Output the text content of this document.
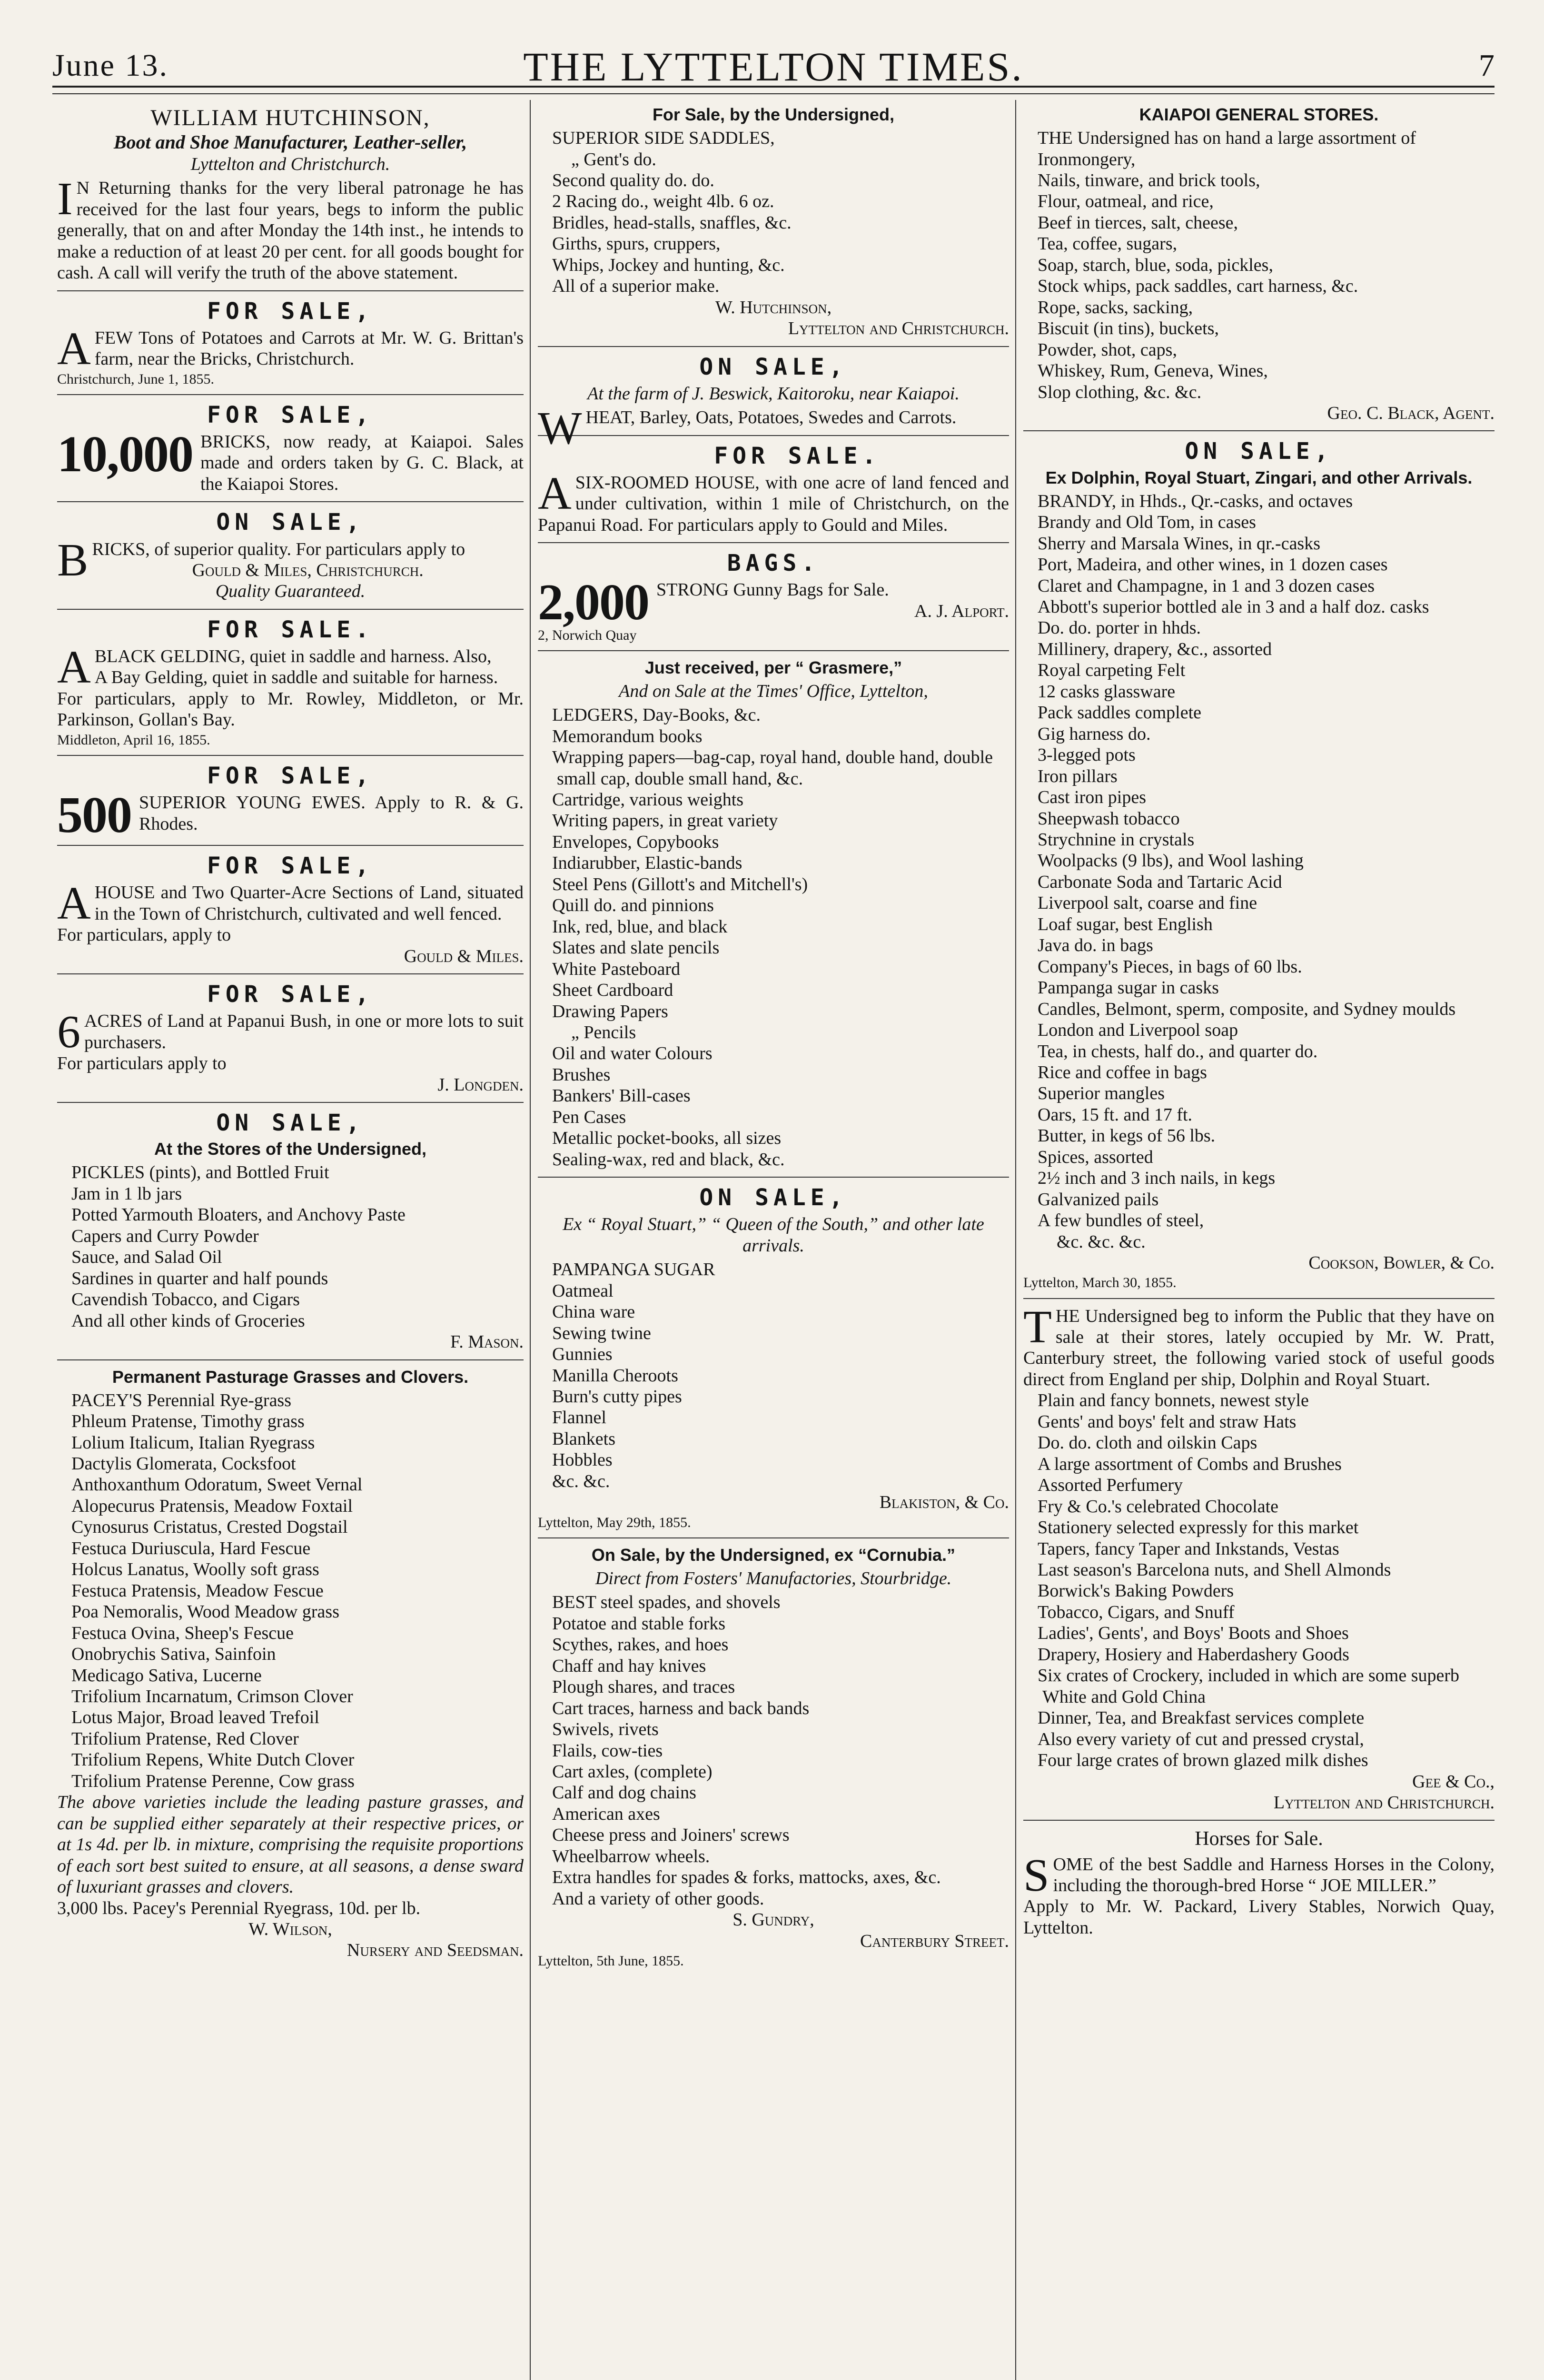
June 13.	THE LYTTELTON TIMES.	7
WILLIAM HUTCHINSON,
Boot and Shoe Manufacturer, Leather-seller,
Lyttelton and Christchurch.

IN Returning thanks for the very liberal patronage he has received for the last four years, begs to inform the public generally, that on and after Monday the 14th inst., he intends to make a reduction of at least 20 per cent. for all goods bought for cash. A call will verify the truth of the above statement.

FOR SALE,

AFEW Tons of Potatoes and Carrots at Mr. W. G. Brittan's farm, near the Bricks, Christchurch.

Christchurch, June 1, 1855.
FOR SALE,
10,000 BRICKS, now ready, at Kaiapoi. Sales made and orders taken by G. C. Black, at the Kaiapoi Stores.

ON SALE,

BRICKS, of superior quality. For particulars apply to

Gould & Miles, Christchurch.
Quality Guaranteed.
FOR SALE.

ABLACK GELDING, quiet in saddle and harness. Also,

A Bay Gelding, quiet in saddle and suitable for harness.

For particulars, apply to Mr. Rowley, Middleton, or Mr. Parkinson, Gollan's Bay.

Middleton, April 16, 1855.
FOR SALE,
500 SUPERIOR YOUNG EWES. Apply to R. & G. Rhodes.

FOR SALE,

AHOUSE and Two Quarter-Acre Sections of Land, situated in the Town of Christchurch, cultivated and well fenced.

For particulars, apply to

Gould & Miles.
FOR SALE,

6ACRES of Land at Papanui Bush, in one or more lots to suit purchasers.

For particulars apply to

J. Longden.
ON SALE,
At the Stores of the Undersigned,
PICKLES (pints), and Bottled Fruit
Jam in 1 lb jars
Potted Yarmouth Bloaters, and Anchovy Paste
Capers and Curry Powder
Sauce, and Salad Oil
Sardines in quarter and half pounds
Cavendish Tobacco, and Cigars
And all other kinds of Groceries
F. Mason.
Permanent Pasturage Grasses and Clovers.
PACEY'S Perennial Rye-grass
Phleum Pratense, Timothy grass
Lolium Italicum, Italian Ryegrass
Dactylis Glomerata, Cocksfoot
Anthoxanthum Odoratum, Sweet Vernal
Alopecurus Pratensis, Meadow Foxtail
Cynosurus Cristatus, Crested Dogstail
Festuca Duriuscula, Hard Fescue
Holcus Lanatus, Woolly soft grass
Festuca Pratensis, Meadow Fescue
Poa Nemoralis, Wood Meadow grass
Festuca Ovina, Sheep's Fescue
Onobrychis Sativa, Sainfoin
Medicago Sativa, Lucerne
Trifolium Incarnatum, Crimson Clover
Lotus Major, Broad leaved Trefoil
Trifolium Pratense, Red Clover
Trifolium Repens, White Dutch Clover
Trifolium Pratense Perenne, Cow grass

The above varieties include the leading pasture grasses, and can be supplied either separately at their respective prices, or at 1s 4d. per lb. in mixture, comprising the requisite proportions of each sort best suited to ensure, at all seasons, a dense sward of luxuriant grasses and clovers.

3,000 lbs. Pacey's Perennial Ryegrass, 10d. per lb.

W. Wilson,
Nursery and Seedsman.
For Sale, by the Undersigned,
SUPERIOR SIDE SADDLES,
„ Gent's do.
Second quality do. do.
2 Racing do., weight 4lb. 6 oz.
Bridles, head-stalls, snaffles, &c.
Girths, spurs, cruppers,
Whips, Jockey and hunting, &c.
All of a superior make.
W. Hutchinson,
Lyttelton and Christchurch.
ON SALE,
At the farm of J. Beswick, Kaitoroku, near Kaiapoi.

WHEAT, Barley, Oats, Potatoes, Swedes and Carrots.

FOR SALE.

ASIX-ROOMED HOUSE, with one acre of land fenced and under cultivation, within 1 mile of Christchurch, on the Papanui Road. For particulars apply to Gould and Miles.

BAGS.
2,000 STRONG Gunny Bags for Sale.

A. J. Alport.
2, Norwich Quay
Just received, per “ Grasmere,”
And on Sale at the Times' Office, Lyttelton,
LEDGERS, Day-Books, &c.
Memorandum books
Wrapping papers—bag-cap, royal hand, double hand, double small cap, double small hand, &c.
Cartridge, various weights
Writing papers, in great variety
Envelopes, Copybooks
Indiarubber, Elastic-bands
Steel Pens (Gillott's and Mitchell's)
Quill do. and pinnions
Ink, red, blue, and black
Slates and slate pencils
White Pasteboard
Sheet Cardboard
Drawing Papers
„ Pencils
Oil and water Colours
Brushes
Bankers' Bill-cases
Pen Cases
Metallic pocket-books, all sizes
Sealing-wax, red and black, &c.
ON SALE,
Ex “ Royal Stuart,” “ Queen of the South,” and other late arrivals.
PAMPANGA SUGAR
Oatmeal
China ware
Sewing twine
Gunnies
Manilla Cheroots
Burn's cutty pipes
Flannel
Blankets
Hobbles
&c. &c.
Blakiston, & Co.
Lyttelton, May 29th, 1855.
On Sale, by the Undersigned, ex “Cornubia.”
Direct from Fosters' Manufactories, Stourbridge.
BEST steel spades, and shovels
Potatoe and stable forks
Scythes, rakes, and hoes
Chaff and hay knives
Plough shares, and traces
Cart traces, harness and back bands
Swivels, rivets
Flails, cow-ties
Cart axles, (complete)
Calf and dog chains
American axes
Cheese press and Joiners' screws
Wheelbarrow wheels.
Extra handles for spades & forks, mattocks, axes, &c.
And a variety of other goods.
S. Gundry,
Canterbury Street.
Lyttelton, 5th June, 1855.
KAIAPOI GENERAL STORES.
THE Undersigned has on hand a large assortment of
Ironmongery,
Nails, tinware, and brick tools,
Flour, oatmeal, and rice,
Beef in tierces, salt, cheese,
Tea, coffee, sugars,
Soap, starch, blue, soda, pickles,
Stock whips, pack saddles, cart harness, &c.
Rope, sacks, sacking,
Biscuit (in tins), buckets,
Powder, shot, caps,
Whiskey, Rum, Geneva, Wines,
Slop clothing, &c. &c.
Geo. C. Black, Agent.
ON SALE,
Ex Dolphin, Royal Stuart, Zingari, and other Arrivals.
BRANDY, in Hhds., Qr.-casks, and octaves
Brandy and Old Tom, in cases
Sherry and Marsala Wines, in qr.-casks
Port, Madeira, and other wines, in 1 dozen cases
Claret and Champagne, in 1 and 3 dozen cases
Abbott's superior bottled ale in 3 and a half doz. casks
Do. do. porter in hhds.
Millinery, drapery, &c., assorted
Royal carpeting Felt
12 casks glassware
Pack saddles complete
Gig harness do.
3-legged pots
Iron pillars
Cast iron pipes
Sheepwash tobacco
Strychnine in crystals
Woolpacks (9 lbs), and Wool lashing
Carbonate Soda and Tartaric Acid
Liverpool salt, coarse and fine
Loaf sugar, best English
Java do. in bags
Company's Pieces, in bags of 60 lbs.
Pampanga sugar in casks
Candles, Belmont, sperm, composite, and Sydney moulds
London and Liverpool soap
Tea, in chests, half do., and quarter do.
Rice and coffee in bags
Superior mangles
Oars, 15 ft. and 17 ft.
Butter, in kegs of 56 lbs.
Spices, assorted
2½ inch and 3 inch nails, in kegs
Galvanized pails
A few bundles of steel,
&c. &c. &c.
Cookson, Bowler, & Co.
Lyttelton, March 30, 1855.

THE Undersigned beg to inform the Public that they have on sale at their stores, lately occupied by Mr. W. Pratt, Canterbury street, the following varied stock of useful goods direct from England per ship, Dolphin and Royal Stuart.

Plain and fancy bonnets, newest style
Gents' and boys' felt and straw Hats
Do. do. cloth and oilskin Caps
A large assortment of Combs and Brushes
Assorted Perfumery
Fry & Co.'s celebrated Chocolate
Stationery selected expressly for this market
Tapers, fancy Taper and Inkstands, Vestas
Last season's Barcelona nuts, and Shell Almonds
Borwick's Baking Powders
Tobacco, Cigars, and Snuff
Ladies', Gents', and Boys' Boots and Shoes
Drapery, Hosiery and Haberdashery Goods
Six crates of Crockery, included in which are some superb White and Gold China
Dinner, Tea, and Breakfast services complete
Also every variety of cut and pressed crystal,
Four large crates of brown glazed milk dishes
Gee & Co.,
Lyttelton and Christchurch.
Horses for Sale.

SOME of the best Saddle and Harness Horses in the Colony, including the thorough-bred Horse “ JOE MILLER.”

Apply to Mr. W. Packard, Livery Stables, Norwich Quay, Lyttelton.
